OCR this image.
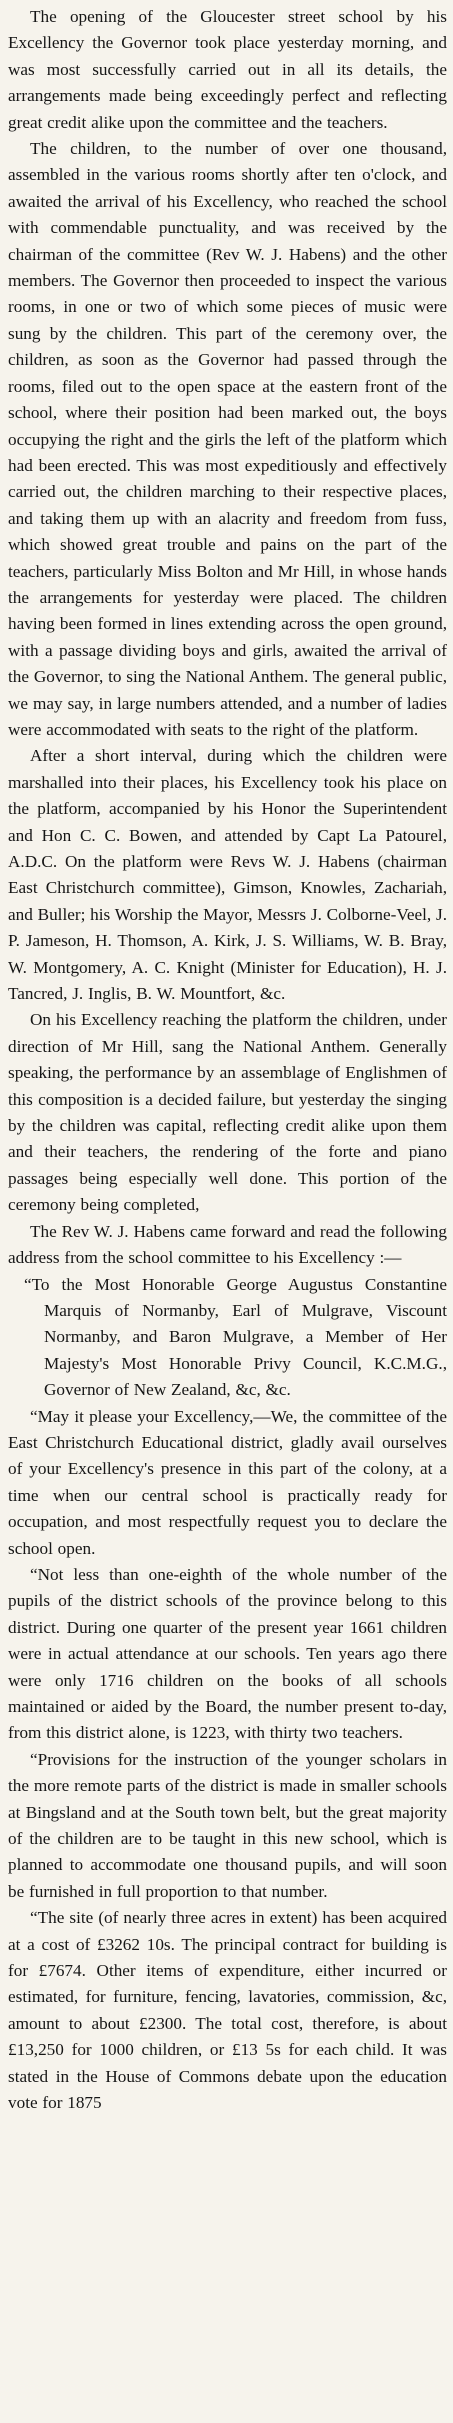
The opening of the Gloucester street school by his Excellency the Governor took place yesterday morning, and was most successfully carried out in all its details, the arrangements made being exceedingly perfect and reflecting great credit alike upon the committee and the teachers.

The children, to the number of over one thousand, assembled in the various rooms shortly after ten o'clock, and awaited the arrival of his Excellency, who reached the school with commendable punctuality, and was received by the chairman of the committee (Rev W. J. Habens) and the other members. The Governor then proceeded to inspect the various rooms, in one or two of which some pieces of music were sung by the children. This part of the ceremony over, the children, as soon as the Governor had passed through the rooms, filed out to the open space at the eastern front of the school, where their position had been marked out, the boys occupying the right and the girls the left of the platform which had been erected. This was most expeditiously and effectively carried out, the children marching to their respective places, and taking them up with an alacrity and freedom from fuss, which showed great trouble and pains on the part of the teachers, particularly Miss Bolton and Mr Hill, in whose hands the arrangements for yesterday were placed. The children having been formed in lines extending across the open ground, with a passage dividing boys and girls, awaited the arrival of the Governor, to sing the National Anthem. The general public, we may say, in large numbers attended, and a number of ladies were accommodated with seats to the right of the platform.

After a short interval, during which the children were marshalled into their places, his Excellency took his place on the platform, accompanied by his Honor the Superintendent and Hon C. C. Bowen, and attended by Capt La Patourel, A.D.C. On the platform were Revs W. J. Habens (chairman East Christchurch committee), Gimson, Knowles, Zachariah, and Buller; his Worship the Mayor, Messrs J. Colborne-Veel, J. P. Jameson, H. Thomson, A. Kirk, J. S. Williams, W. B. Bray, W. Montgomery, A. C. Knight (Minister for Education), H. J. Tancred, J. Inglis, B. W. Mountfort, &c.

On his Excellency reaching the platform the children, under direction of Mr Hill, sang the National Anthem. Generally speaking, the performance by an assemblage of Englishmen of this composition is a decided failure, but yesterday the singing by the children was capital, reflecting credit alike upon them and their teachers, the rendering of the forte and piano passages being especially well done. This portion of the ceremony being completed,

The Rev W. J. Habens came forward and read the following address from the school committee to his Excellency :—

“To the Most Honorable George Augustus Constantine Marquis of Normanby, Earl of Mulgrave, Viscount Normanby, and Baron Mulgrave, a Member of Her Majesty's Most Honorable Privy Council, K.C.M.G., Governor of New Zealand, &c, &c.

“May it please your Excellency,—We, the committee of the East Christchurch Educational district, gladly avail ourselves of your Excellency's presence in this part of the colony, at a time when our central school is practically ready for occupation, and most respectfully request you to declare the school open.

“Not less than one-eighth of the whole number of the pupils of the district schools of the province belong to this district. During one quarter of the present year 1661 children were in actual attendance at our schools. Ten years ago there were only 1716 children on the books of all schools maintained or aided by the Board, the number present to-day, from this district alone, is 1223, with thirty two teachers.

“Provisions for the instruction of the younger scholars in the more remote parts of the district is made in smaller schools at Bingsland and at the South town belt, but the great majority of the children are to be taught in this new school, which is planned to accommodate one thousand pupils, and will soon be furnished in full proportion to that number.

“The site (of nearly three acres in extent) has been acquired at a cost of £3262 10s. The principal contract for building is for £7674. Other items of expenditure, either incurred or estimated, for furniture, fencing, lavatories, commission, &c, amount to about £2300. The total cost, therefore, is about £13,250 for 1000 children, or £13 5s for each child. It was stated in the House of Commons debate upon the education vote for 1875
